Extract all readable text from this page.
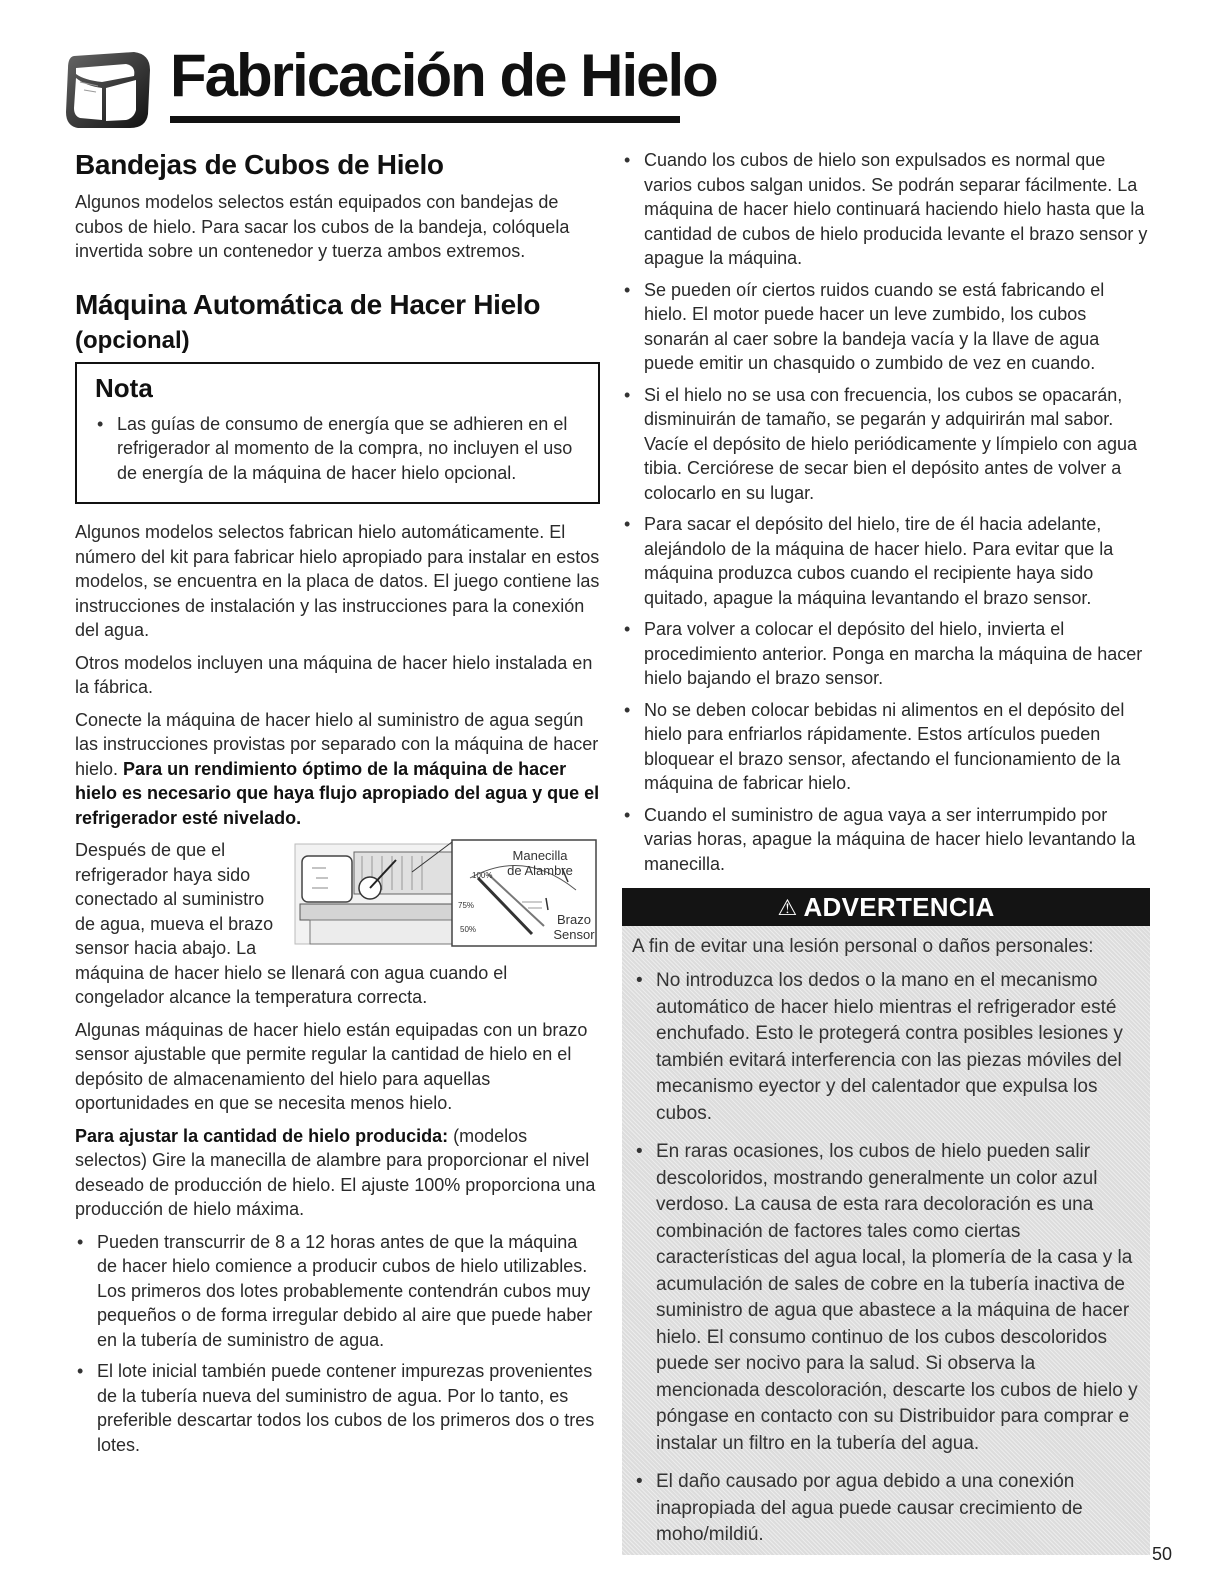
Fabricación de Hielo
Bandejas de Cubos de Hielo

Algunos modelos selectos están equipados con bandejas de cubos de hielo. Para sacar los cubos de la bandeja, colóquela invertida sobre un contenedor y tuerza ambos extremos.

Máquina Automática de Hacer Hielo
(opcional)
Nota
• Las guías de consumo de energía que se adhieren en el refrigerador al momento de la compra, no incluyen el uso de energía de la máquina de hacer hielo opcional.

Algunos modelos selectos fabrican hielo automáticamente. El número del kit para fabricar hielo apropiado para instalar en estos modelos, se encuentra en la placa de datos. El juego contiene las instrucciones de instalación y las instrucciones para la conexión del agua.

Otros modelos incluyen una máquina de hacer hielo instalada en la fábrica.

Conecte la máquina de hacer hielo al suministro de agua según las instrucciones provistas por separado con la máquina de hacer hielo. Para un rendimiento óptimo de la máquina de hacer hielo es necesario que haya flujo apropiado del agua y que el refrigerador esté nivelado.

Manecilla
de Alambre
Brazo
Sensor
100%
75%
50%

Después de que el refrigerador haya sido conectado al suministro de agua, mueva el brazo sensor hacia abajo. La máquina de hacer hielo se llenará con agua cuando el congelador alcance la temperatura correcta.

Algunas máquinas de hacer hielo están equipadas con un brazo sensor ajustable que permite regular la cantidad de hielo en el depósito de almacenamiento del hielo para aquellas oportunidades en que se necesita menos hielo.

Para ajustar la cantidad de hielo producida: (modelos selectos) Gire la manecilla de alambre para proporcionar el nivel deseado de producción de hielo. El ajuste 100% proporciona una producción de hielo máxima.

• Pueden transcurrir de 8 a 12 horas antes de que la máquina de hacer hielo comience a producir cubos de hielo utilizables. Los primeros dos lotes probablemente contendrán cubos muy pequeños o de forma irregular debido al aire que puede haber en la tubería de suministro de agua.
• El lote inicial también puede contener impurezas provenientes de la tubería nueva del suministro de agua. Por lo tanto, es preferible descartar todos los cubos de los primeros dos o tres lotes.
• Cuando los cubos de hielo son expulsados es normal que varios cubos salgan unidos. Se podrán separar fácilmente. La máquina de hacer hielo continuará haciendo hielo hasta que la cantidad de cubos de hielo producida levante el brazo sensor y apague la máquina.
• Se pueden oír ciertos ruidos cuando se está fabricando el hielo. El motor puede hacer un leve zumbido, los cubos sonarán al caer sobre la bandeja vacía y la llave de agua puede emitir un chasquido o zumbido de vez en cuando.
• Si el hielo no se usa con frecuencia, los cubos se opacarán, disminuirán de tamaño, se pegarán y adquirirán mal sabor. Vacíe el depósito de hielo periódicamente y límpielo con agua tibia. Cerciórese de secar bien el depósito antes de volver a colocarlo en su lugar.
• Para sacar el depósito del hielo, tire de él hacia adelante, alejándolo de la máquina de hacer hielo. Para evitar que la máquina produzca cubos cuando el recipiente haya sido quitado, apague la máquina levantando el brazo sensor.
• Para volver a colocar el depósito del hielo, invierta el procedimiento anterior. Ponga en marcha la máquina de hacer hielo bajando el brazo sensor.
• No se deben colocar bebidas ni alimentos en el depósito del hielo para enfriarlos rápidamente. Estos artículos pueden bloquear el brazo sensor, afectando el funcionamiento de la máquina de fabricar hielo.
• Cuando el suministro de agua vaya a ser interrumpido por varias horas, apague la máquina de hacer hielo levantando la manecilla.
⚠ ADVERTENCIA
A fin de evitar una lesión personal o daños personales:
• No introduzca los dedos o la mano en el mecanismo automático de hacer hielo mientras el refrigerador esté enchufado. Esto le protegerá contra posibles lesiones y también evitará interferencia con las piezas móviles del mecanismo eyector y del calentador que expulsa los cubos.
• En raras ocasiones, los cubos de hielo pueden salir descoloridos, mostrando generalmente un color azul verdoso. La causa de esta rara decoloración es una combinación de factores tales como ciertas características del agua local, la plomería de la casa y la acumulación de sales de cobre en la tubería inactiva de suministro de agua que abastece a la máquina de hacer hielo. El consumo continuo de los cubos descoloridos puede ser nocivo para la salud. Si observa la mencionada descoloración, descarte los cubos de hielo y póngase en contacto con su Distribuidor para comprar e instalar un filtro en la tubería del agua.
• El daño causado por agua debido a una conexión inapropiada del agua puede causar crecimiento de moho/mildiú.
50
